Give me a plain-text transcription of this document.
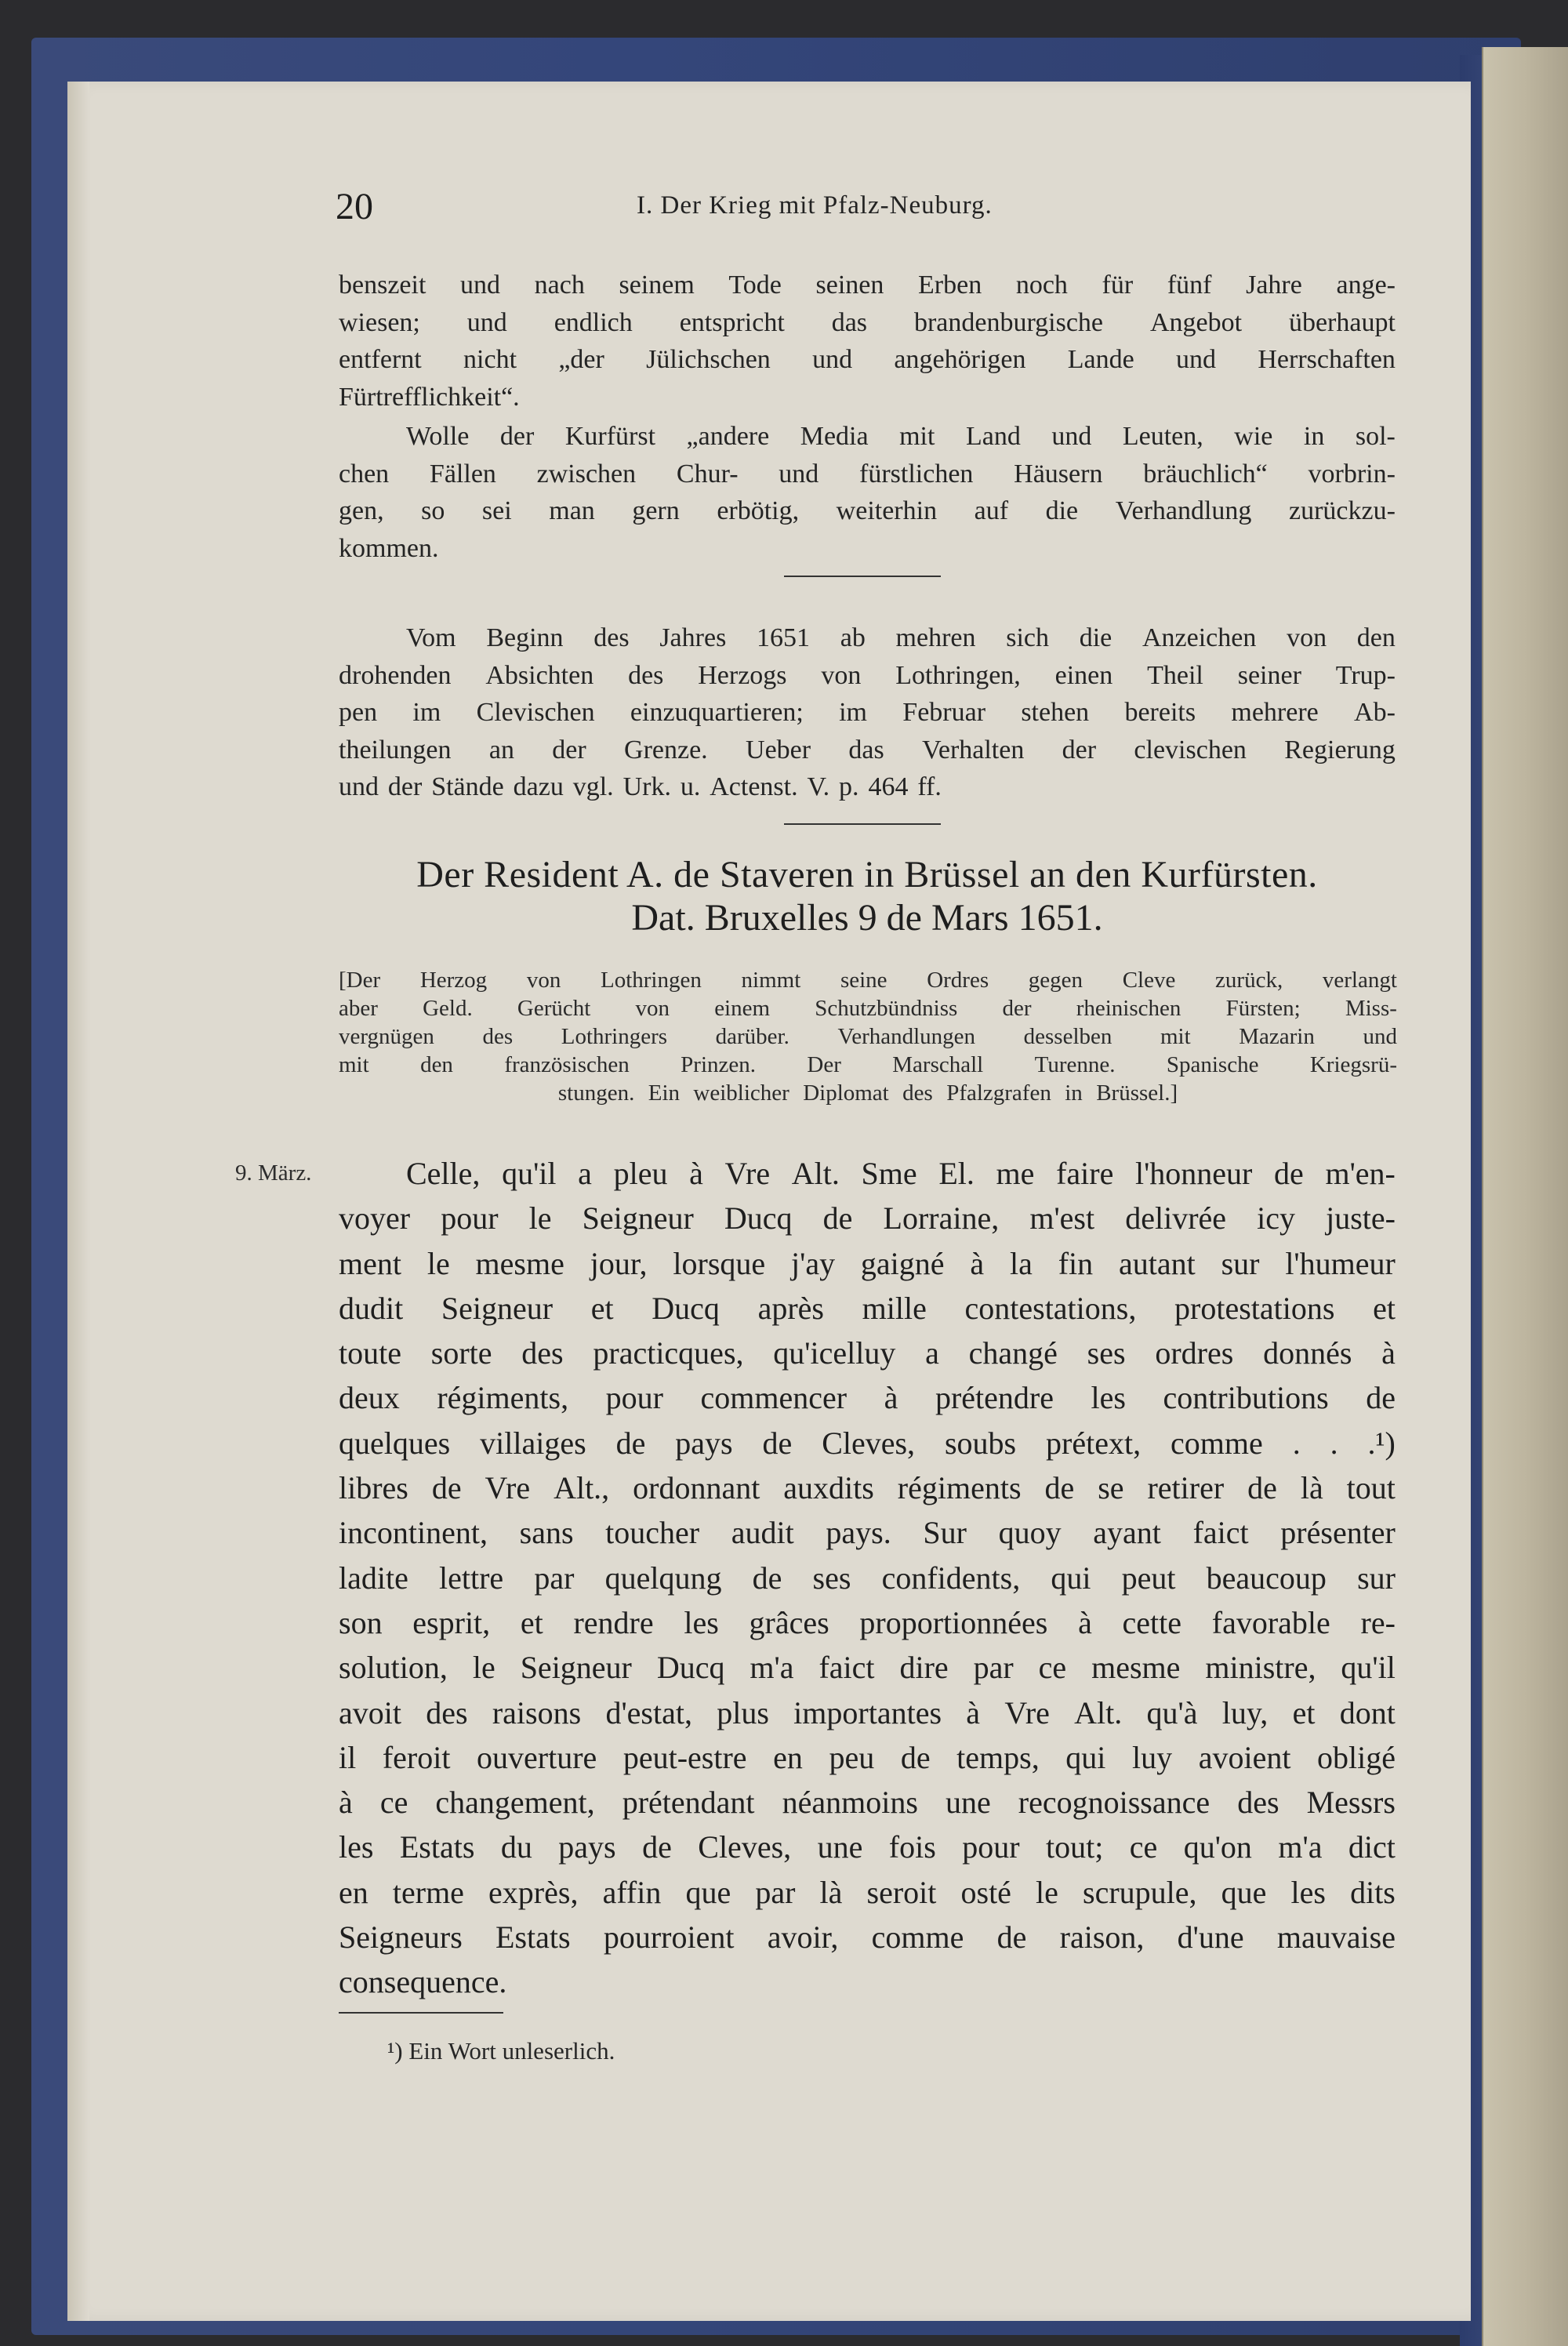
20	I. Der Krieg mit Pfalz-Neuburg.
benszeit und nach seinem Tode seinen Erben noch für fünf Jahre ange-
wiesen; und endlich entspricht das brandenburgische Angebot überhaupt
entfernt nicht „der Jülichschen und angehörigen Lande und Herrschaften
Fürtrefflichkeit“.
Wolle der Kurfürst „andere Media mit Land und Leuten, wie in sol-
chen Fällen zwischen Chur- und fürstlichen Häusern bräuchlich“ vorbrin-
gen, so sei man gern erbötig, weiterhin auf die Verhandlung zurückzu-
kommen.
Vom Beginn des Jahres 1651 ab mehren sich die Anzeichen von den
drohenden Absichten des Herzogs von Lothringen, einen Theil seiner Trup-
pen im Clevischen einzuquartieren; im Februar stehen bereits mehrere Ab-
theilungen an der Grenze. Ueber das Verhalten der clevischen Regierung
und der Stände dazu vgl. Urk. u. Actenst. V. p. 464 ff.
Der Resident A. de Staveren in Brüssel an den Kurfürsten.
Dat. Bruxelles 9 de Mars 1651.
[Der Herzog von Lothringen nimmt seine Ordres gegen Cleve zurück, verlangt
aber Geld. Gerücht von einem Schutzbündniss der rheinischen Fürsten; Miss-
vergnügen des Lothringers darüber. Verhandlungen desselben mit Mazarin und
mit den französischen Prinzen. Der Marschall Turenne. Spanische Kriegsrü-
stungen. Ein weiblicher Diplomat des Pfalzgrafen in Brüssel.]
9. März.	Celle, qu'il a pleu à Vre Alt. Sme El. me faire l'honneur de m'en-
voyer pour le Seigneur Ducq de Lorraine, m'est delivrée icy juste-
ment le mesme jour, lorsque j'ay gaigné à la fin autant sur l'humeur
dudit Seigneur et Ducq après mille contestations, protestations et
toute sorte des practicques, qu'icelluy a changé ses ordres donnés à
deux régiments, pour commencer à prétendre les contributions de
quelques villaiges de pays de Cleves, soubs prétext, comme . . .¹)
libres de Vre Alt., ordonnant auxdits régiments de se retirer de là tout
incontinent, sans toucher audit pays. Sur quoy ayant faict présenter
ladite lettre par quelqung de ses confidents, qui peut beaucoup sur
son esprit, et rendre les grâces proportionnées à cette favorable re-
solution, le Seigneur Ducq m'a faict dire par ce mesme ministre, qu'il
avoit des raisons d'estat, plus importantes à Vre Alt. qu'à luy, et dont
il feroit ouverture peut-estre en peu de temps, qui luy avoient obligé
à ce changement, prétendant néanmoins une recognoissance des Messrs
les Estats du pays de Cleves, une fois pour tout; ce qu'on m'a dict
en terme exprès, affin que par là seroit osté le scrupule, que les dits
Seigneurs Estats pourroient avoir, comme de raison, d'une mauvaise
consequence.
¹) Ein Wort unleserlich.
